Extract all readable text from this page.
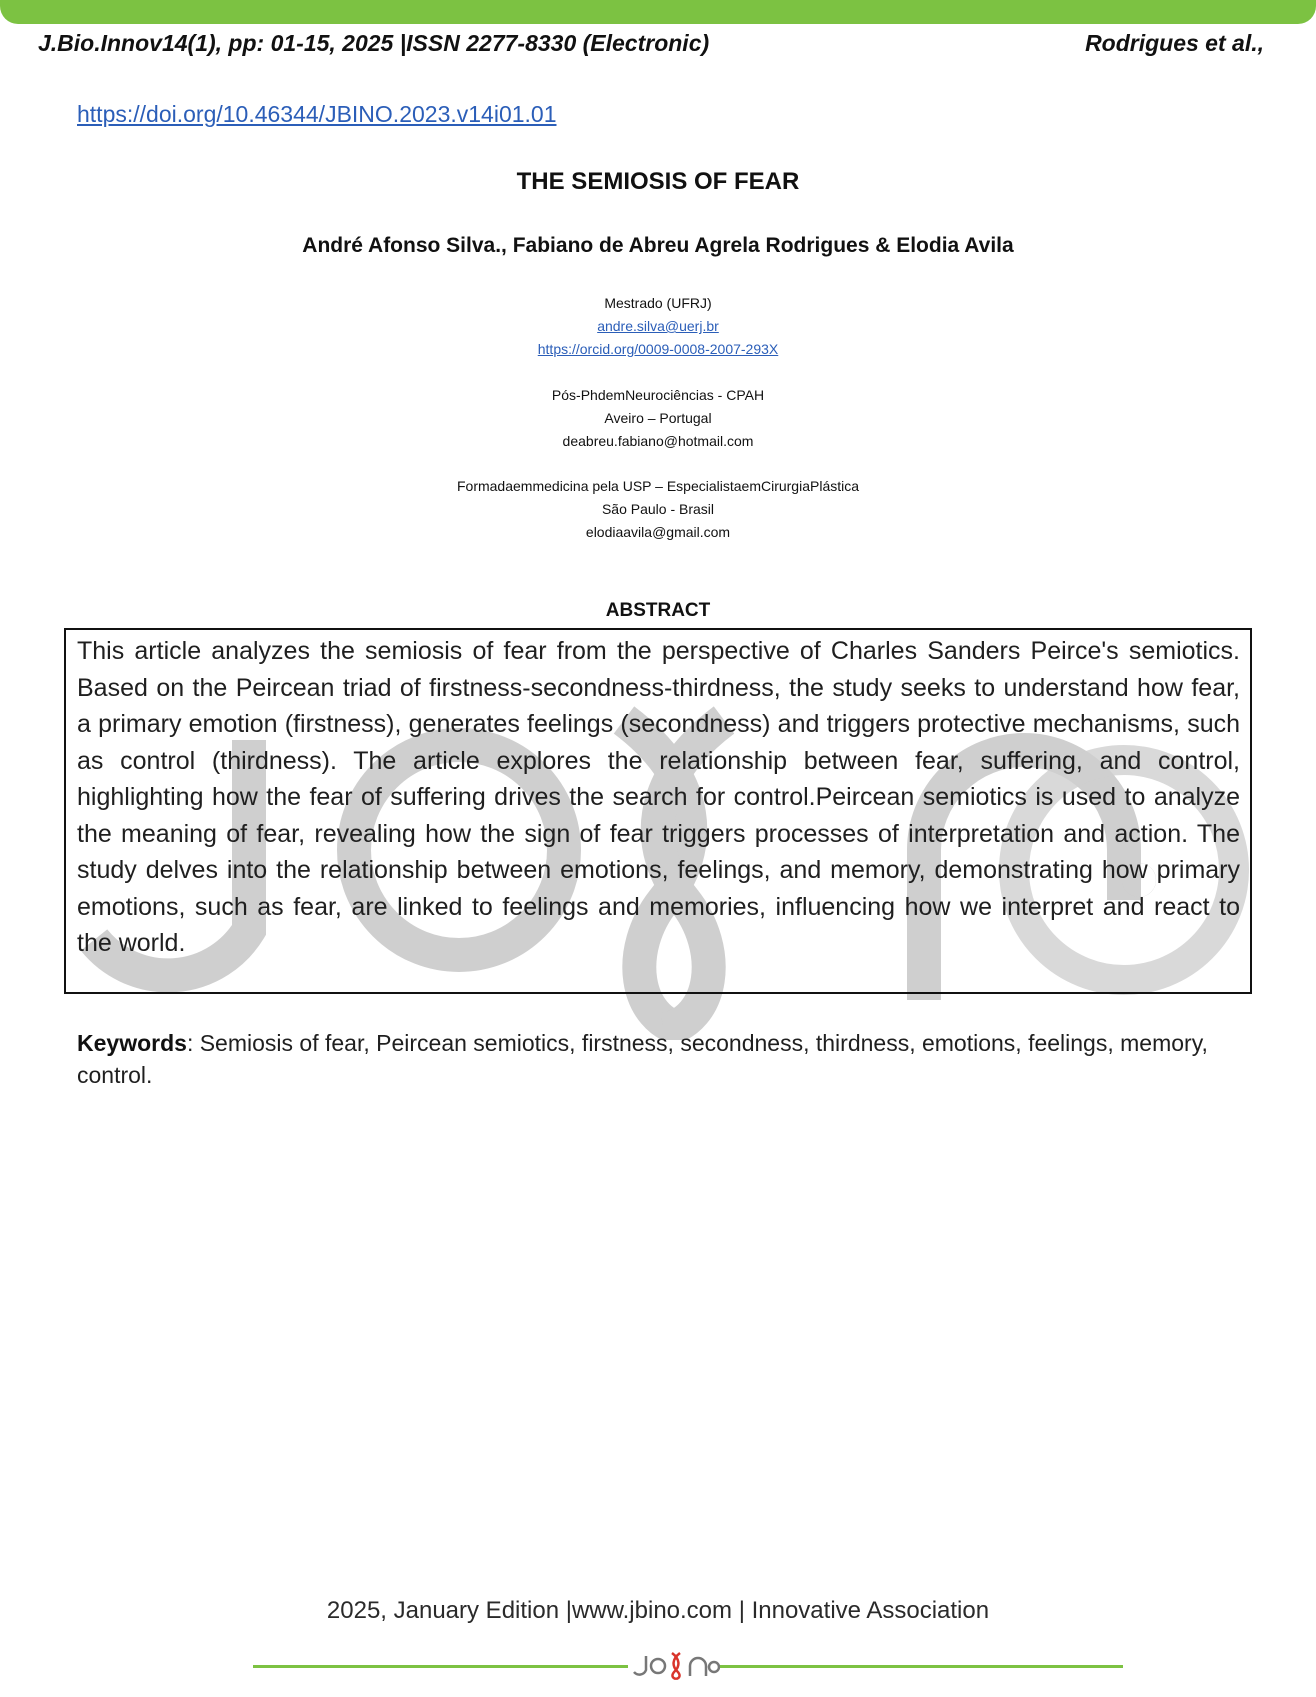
J.Bio.Innov14(1), pp: 01-15, 2025 |ISSN 2277-8330 (Electronic)	Rodrigues et al.,
https://doi.org/10.46344/JBINO.2023.v14i01.01
THE SEMIOSIS OF FEAR
André Afonso Silva., Fabiano de Abreu Agrela Rodrigues & Elodia Avila
Mestrado (UFRJ)
andre.silva@uerj.br
https://orcid.org/0009-0008-2007-293X
Pós-PhdemNeurociências - CPAH
Aveiro – Portugal
deabreu.fabiano@hotmail.com
Formadaemmedicina pela USP – EspecialistaemCirurgiaPlástica
São Paulo - Brasil
elodiaavila@gmail.com
ABSTRACT

This article analyzes the semiosis of fear from the perspective of Charles Sanders Peirce's semiotics. Based on the Peircean triad of firstness-secondness-thirdness, the study seeks to understand how fear, a primary emotion (firstness), generates feelings (secondness) and triggers protective mechanisms, such as control (thirdness). The article explores the relationship between fear, suffering, and control, highlighting how the fear of suffering drives the search for control.Peircean semiotics is used to analyze the meaning of fear, revealing how the sign of fear triggers processes of interpretation and action. The study delves into the relationship between emotions, feelings, and memory, demonstrating how primary emotions, such as fear, are linked to feelings and memories, influencing how we interpret and react to the world.

Keywords: Semiosis of fear, Peircean semiotics, firstness, secondness, thirdness, emotions, feelings, memory, control.
2025, January Edition |www.jbino.com | Innovative Association
